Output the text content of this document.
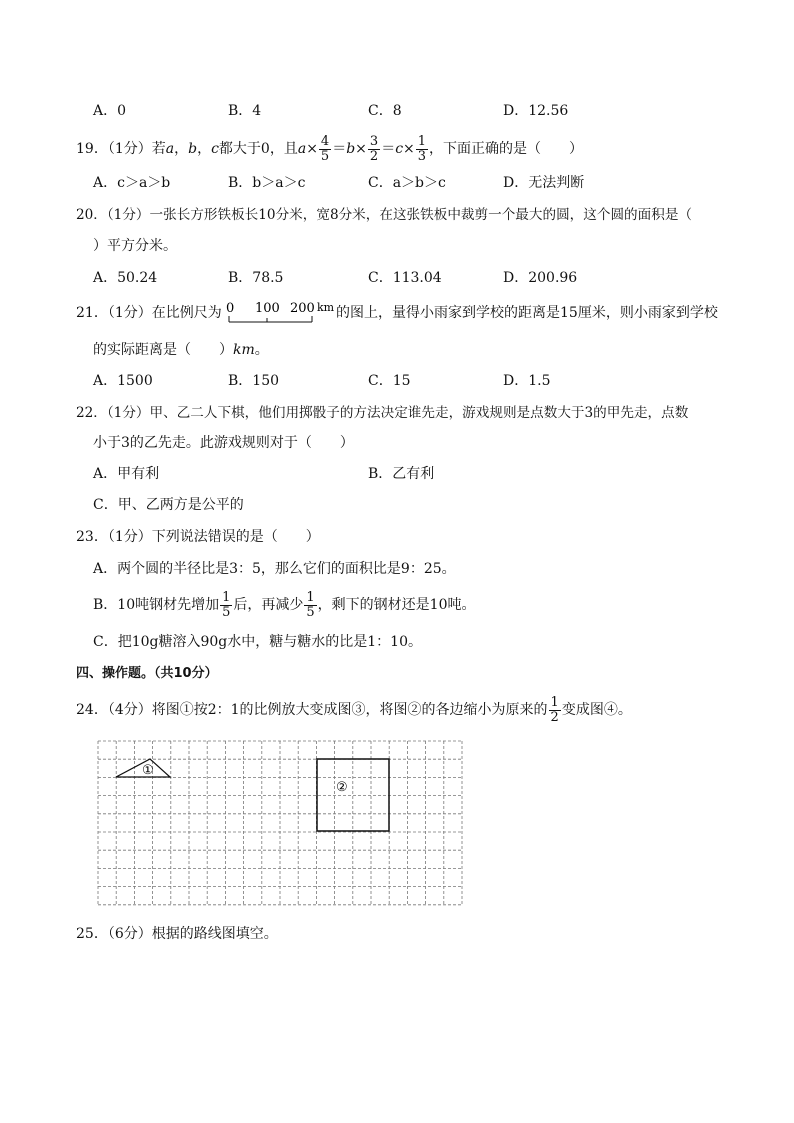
A．0	B．4	C．8	D．12.56
19．（1分）若a，b，c都大于0，且$a\times \frac{4}{5} =b\times \frac{3}{2} =c\times \frac{1}{3}$ ，下面正确的是（　　）
A．c＞a＞b	B．b＞a＞c	C．a＞b＞c	D．无法判断
20．（1分）一张长方形铁板长10分米，宽8分米，在这张铁板中裁剪一个最大的圆，这个圆的面积是（
）平方分米。
A．50.24	B．78.5	C．113.04	D．200.96
21．（1分）在比例尺为 0 100 200 km 的图上，量得小雨家到学校的距离是15厘米，则小雨家到学校
的实际距离是（　　）km。
A．1500	B．150	C．15	D．1.5
22．（1分）甲、乙二人下棋，他们用掷骰子的方法决定谁先走，游戏规则是点数大于3的甲先走，点数
小于3的乙先走。此游戏规则对于（　　）
A．甲有利	B．乙有利
C．甲、乙两方是公平的
23．（1分）下列说法错误的是（　　）
A．两个圆的半径比是3：5，那么它们的面积比是9：25。
B．10吨钢材先增加 $\frac{1}{5}$ 后，再减少 $\frac{1}{5}$ ，剩下的钢材还是10吨。
C．把10g糖溶入90g水中，糖与糖水的比是1：10。
四、操作题。（共10分）
24．（4分）将图①按2：1的比例放大变成图③，将图②的各边缩小为原来的 $\frac{1}{2}$ 变成图④。
①
②
25．（6分）根据的路线图填空。
